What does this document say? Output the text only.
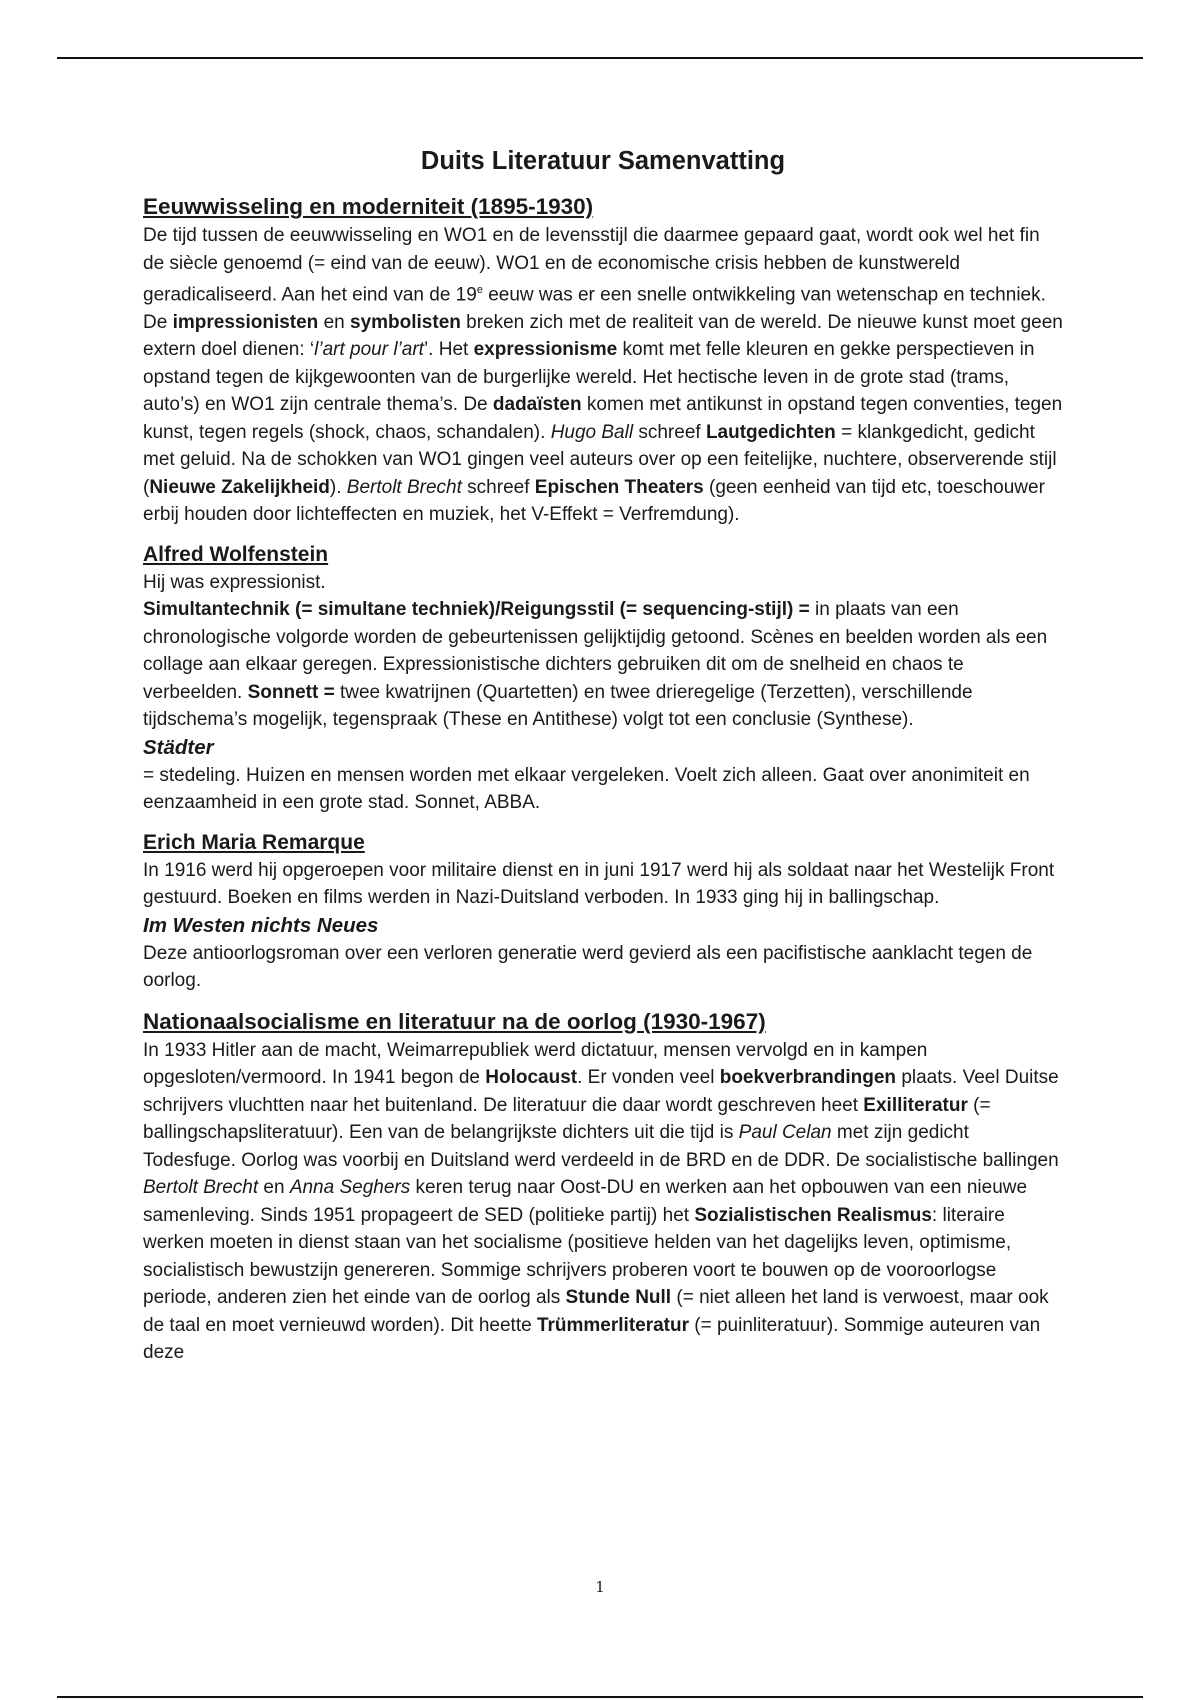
Duits Literatuur Samenvatting
Eeuwwisseling en moderniteit (1895-1930)

De tijd tussen de eeuwwisseling en WO1 en de levensstijl die daarmee gepaard gaat, wordt ook wel het fin de siècle genoemd (= eind van de eeuw). WO1 en de economische crisis hebben de kunstwereld geradicaliseerd. Aan het eind van de 19e eeuw was er een snelle ontwikkeling van wetenschap en techniek. De impressionisten en symbolisten breken zich met de realiteit van de wereld. De nieuwe kunst moet geen extern doel dienen: ‘l’art pour l’art’. Het expressionisme komt met felle kleuren en gekke perspectieven in opstand tegen de kijkgewoonten van de burgerlijke wereld. Het hectische leven in de grote stad (trams, auto’s) en WO1 zijn centrale thema’s. De dadaïsten komen met antikunst in opstand tegen conventies, tegen kunst, tegen regels (shock, chaos, schandalen). Hugo Ball schreef Lautgedichten = klankgedicht, gedicht met geluid. Na de schokken van WO1 gingen veel auteurs over op een feitelijke, nuchtere, observerende stijl (Nieuwe Zakelijkheid). Bertolt Brecht schreef Epischen Theaters (geen eenheid van tijd etc, toeschouwer erbij houden door lichteffecten en muziek, het V-Effekt = Verfremdung).

Alfred Wolfenstein

Hij was expressionist.

Simultantechnik (= simultane techniek)/Reigungsstil (= sequencing-stijl) = in plaats van een chronologische volgorde worden de gebeurtenissen gelijktijdig getoond. Scènes en beelden worden als een collage aan elkaar geregen. Expressionistische dichters gebruiken dit om de snelheid en chaos te verbeelden. Sonnett = twee kwatrijnen (Quartetten) en twee drieregelige (Terzetten), verschillende tijdschema’s mogelijk, tegenspraak (These en Antithese) volgt tot een conclusie (Synthese).

Städter

= stedeling. Huizen en mensen worden met elkaar vergeleken. Voelt zich alleen. Gaat over anonimiteit en eenzaamheid in een grote stad. Sonnet, ABBA.

Erich Maria Remarque

In 1916 werd hij opgeroepen voor militaire dienst en in juni 1917 werd hij als soldaat naar het Westelijk Front gestuurd. Boeken en films werden in Nazi-Duitsland verboden. In 1933 ging hij in ballingschap.

Im Westen nichts Neues

Deze antioorlogsroman over een verloren generatie werd gevierd als een pacifistische aanklacht tegen de oorlog.

Nationaalsocialisme en literatuur na de oorlog (1930-1967)

In 1933 Hitler aan de macht, Weimarrepubliek werd dictatuur, mensen vervolgd en in kampen opgesloten/vermoord. In 1941 begon de Holocaust. Er vonden veel boekverbrandingen plaats. Veel Duitse schrijvers vluchtten naar het buitenland. De literatuur die daar wordt geschreven heet Exilliteratur (= ballingschapsliteratuur). Een van de belangrijkste dichters uit die tijd is Paul Celan met zijn gedicht Todesfuge. Oorlog was voorbij en Duitsland werd verdeeld in de BRD en de DDR. De socialistische ballingen Bertolt Brecht en Anna Seghers keren terug naar Oost-DU en werken aan het opbouwen van een nieuwe samenleving. Sinds 1951 propageert de SED (politieke partij) het Sozialistischen Realismus: literaire werken moeten in dienst staan van het socialisme (positieve helden van het dagelijks leven, optimisme, socialistisch bewustzijn genereren. Sommige schrijvers proberen voort te bouwen op de vooroorlogse periode, anderen zien het einde van de oorlog als Stunde Null (= niet alleen het land is verwoest, maar ook de taal en moet vernieuwd worden). Dit heette Trümmerliteratur (= puinliteratuur). Sommige auteuren van deze

1
